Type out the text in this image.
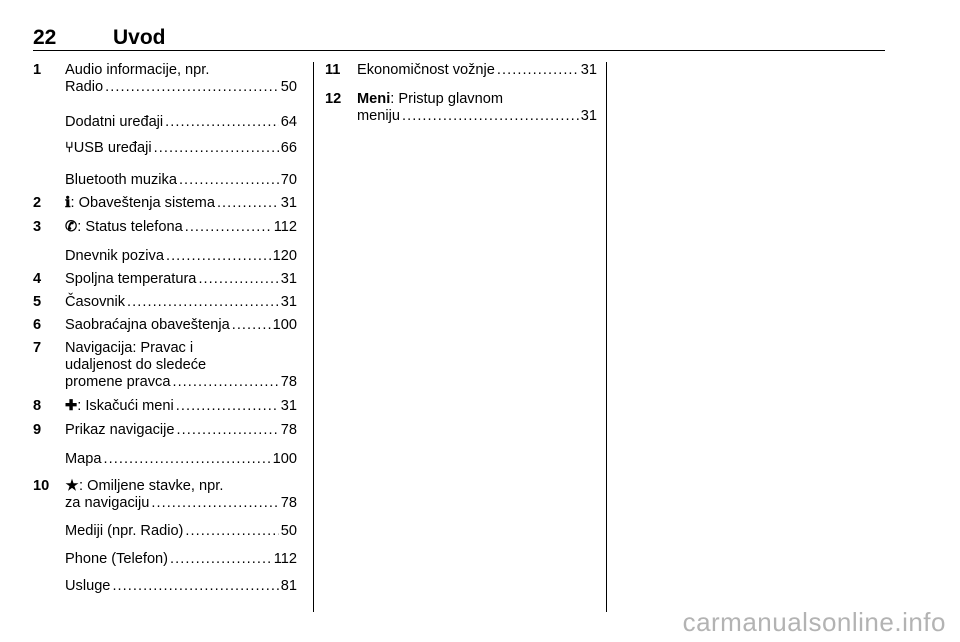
22	Uvod
1 Audio informacije, npr.
Radio . . .	50
Dodatni uređaji . . .	64
⑂ USB uređaji . . .	66
Bluetooth muzika . . .	70
2 ℹ : Obaveštenja sistema . . .	31
3 ✆ : Status telefona . . .	112
Dnevnik poziva . . .	120
4 Spoljna temperatura . . .	31
5 Časovnik . . .	31
6 Saobraćajna obaveštenja . . .	100
7 Navigacija: Pravac i
udaljenost do sledeće
promene pravca . . .	78
8 ✚ : Iskačući meni . . .	31
9 Prikaz navigacije . . .	78
Mapa . . .	100
10 ★ : Omiljene stavke, npr.
za navigaciju . . .	78
Mediji (npr. Radio) . . .	50
Phone (Telefon) . . .	112
Usluge . . .	81
11 Ekonomičnost vožnje . . .	31
12 Meni : Pristup glavnom
meniju . . .	31
carmanualsonline.info
